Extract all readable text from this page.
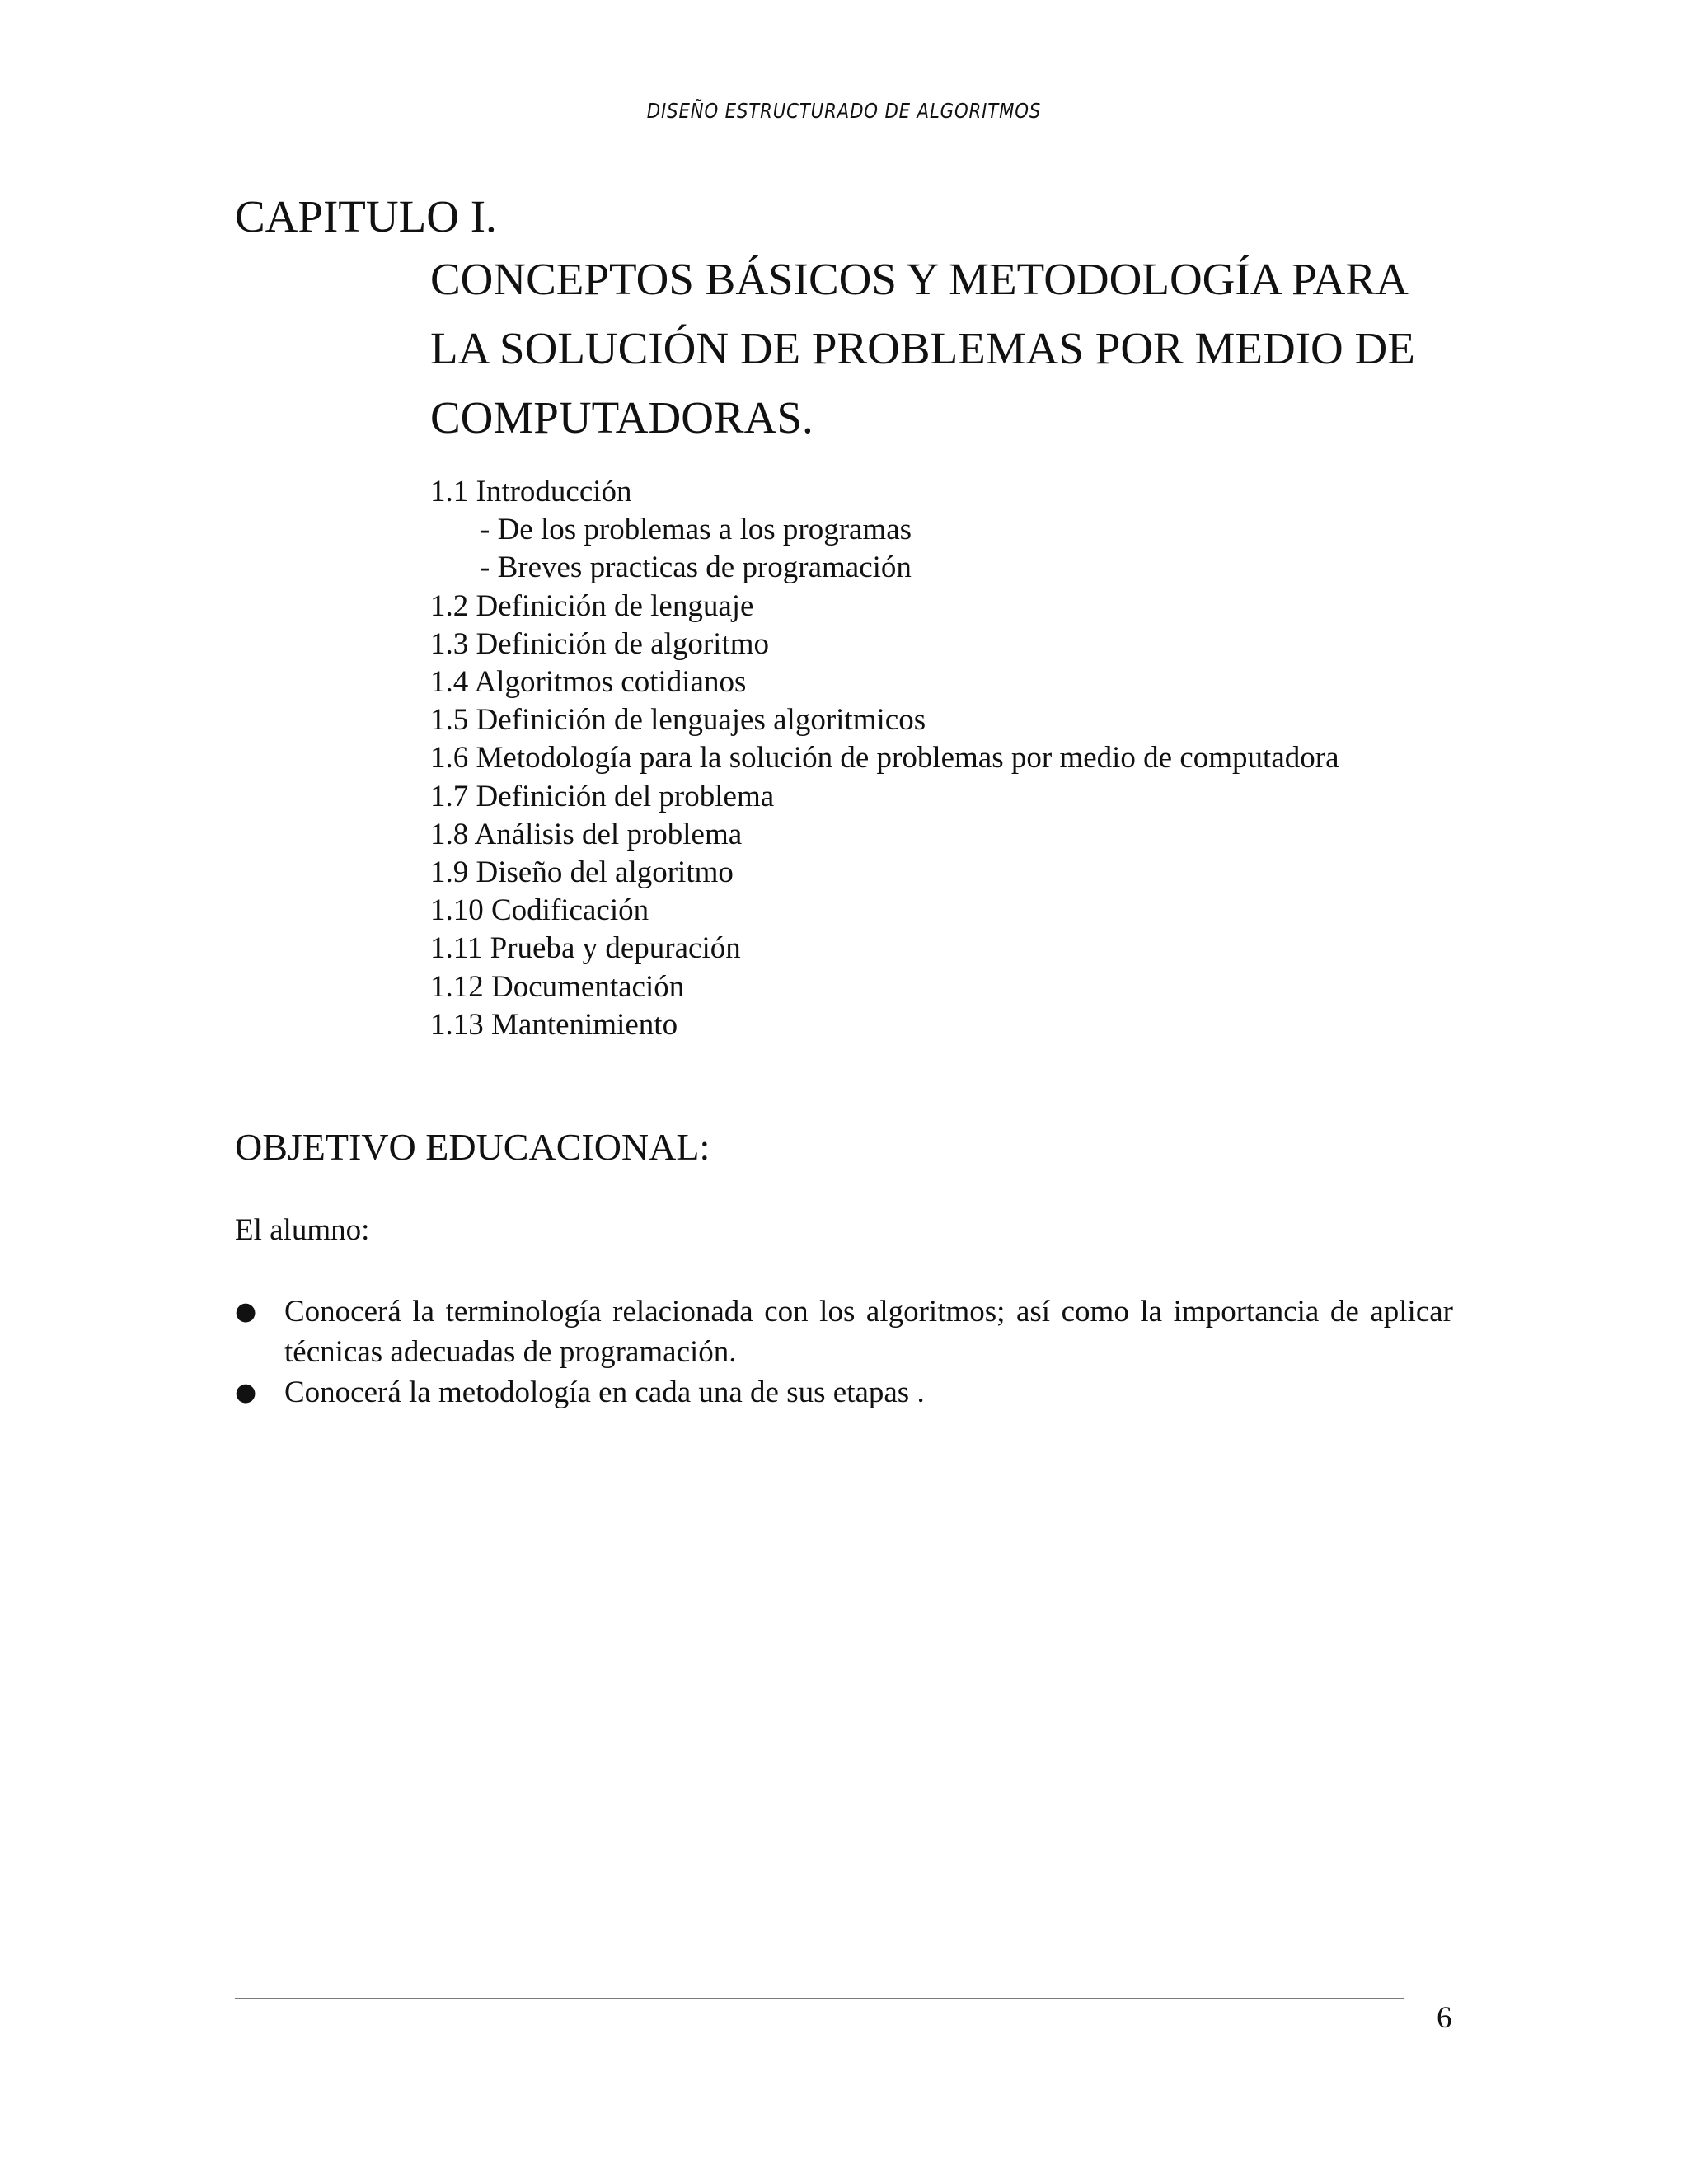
DISEÑO ESTRUCTURADO DE ALGORITMOS
CAPITULO I.
CONCEPTOS BÁSICOS Y METODOLOGÍA PARA
LA SOLUCIÓN DE PROBLEMAS POR MEDIO DE
COMPUTADORAS.
1.1 Introducción
- De los problemas a los programas
- Breves practicas de programación
1.2 Definición de lenguaje
1.3 Definición de algoritmo
1.4 Algoritmos cotidianos
1.5 Definición de lenguajes algoritmicos
1.6 Metodología para la solución de problemas por medio de computadora
1.7 Definición del problema
1.8 Análisis del problema
1.9 Diseño del algoritmo
1.10 Codificación
1.11 Prueba y depuración
1.12 Documentación
1.13 Mantenimiento
OBJETIVO EDUCACIONAL:
El alumno:
● Conocerá la terminología relacionada con los algoritmos; así como la importancia de aplicar técnicas adecuadas de programación.
● Conocerá la metodología en cada una de sus etapas .
6
